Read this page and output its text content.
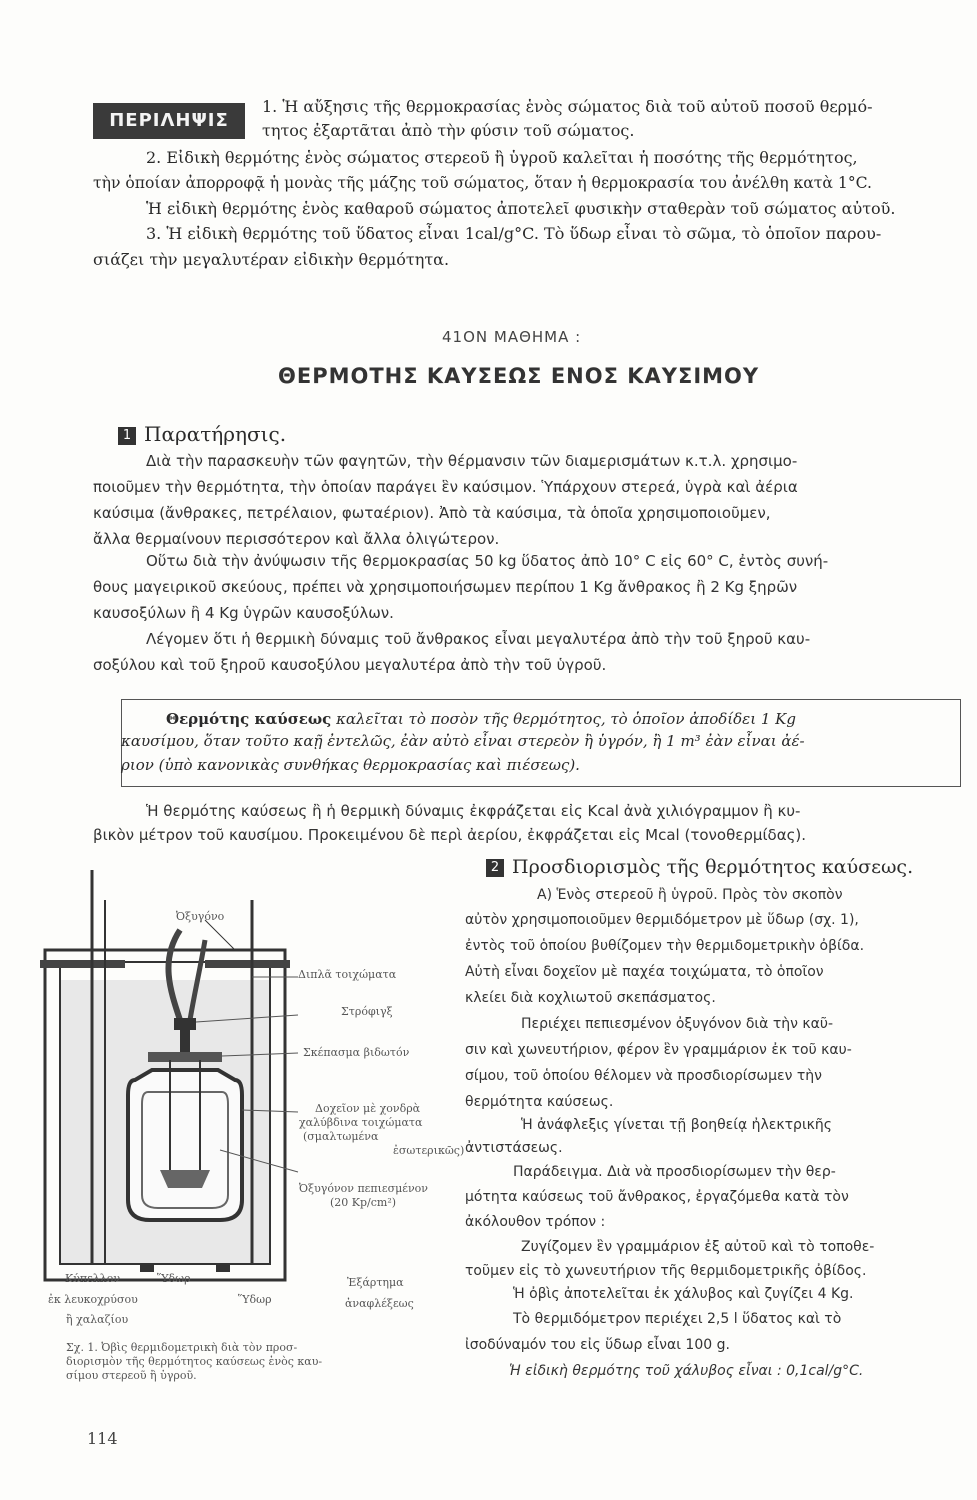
ΠΕΡΙΛΗΨΙΣ
1. Ἡ αὔξησις τῆς θερμοκρασίας ἑνὸς σώματος διὰ τοῦ αὐτοῦ ποσοῦ θερμό-
τητος ἐξαρτᾶται ἀπὸ τὴν φύσιν τοῦ σώματος.
2. Εἰδικὴ θερμότης ἑνὸς σώματος στερεοῦ ἢ ὑγροῦ καλεῖται ἡ ποσότης τῆς θερμότητος,
τὴν ὁποίαν ἀπορροφᾷ ἡ μονὰς τῆς μάζης τοῦ σώματος, ὅταν ἡ θερμοκρασία του ἀνέλθη κατὰ 1°C.
Ἡ εἰδικὴ θερμότης ἑνὸς καθαροῦ σώματος ἀποτελεῖ φυσικὴν σταθερὰν τοῦ σώματος αὐτοῦ.
3. Ἡ εἰδικὴ θερμότης τοῦ ὕδατος εἶναι 1cal/g°C. Τὸ ὕδωρ εἶναι τὸ σῶμα, τὸ ὁποῖον παρου-
σιάζει τὴν μεγαλυτέραν εἰδικὴν θερμότητα.
41ΟΝ ΜΑΘΗΜΑ :
ΘΕΡΜΟΤΗΣ ΚΑΥΣΕΩΣ ΕΝΟΣ ΚΑΥΣΙΜΟΥ
1 Παρατήρησις.
Διὰ τὴν παρασκευὴν τῶν φαγητῶν, τὴν θέρμανσιν τῶν διαμερισμάτων κ.τ.λ. χρησιμο-
ποιοῦμεν τὴν θερμότητα, τὴν ὁποίαν παράγει ἓν καύσιμον. Ὑπάρχουν στερεά, ὑγρὰ καὶ ἀέρια
καύσιμα (ἄνθρακες, πετρέλαιον, φωταέριον). Ἀπὸ τὰ καύσιμα, τὰ ὁποῖα χρησιμοποιοῦμεν,
ἄλλα θερμαίνουν περισσότερον καὶ ἄλλα ὀλιγώτερον.
Οὕτω διὰ τὴν ἀνύψωσιν τῆς θερμοκρασίας 50 kg ὕδατος ἀπὸ 10° C εἰς 60° C, ἐντὸς συνή-
θους μαγειρικοῦ σκεύους, πρέπει νὰ χρησιμοποιήσωμεν περίπου 1 Kg ἄνθρακος ἢ 2 Kg ξηρῶν
καυσοξύλων ἢ 4 Kg ὑγρῶν καυσοξύλων.
Λέγομεν ὅτι ἡ θερμικὴ δύναμις τοῦ ἄνθρακος εἶναι μεγαλυτέρα ἀπὸ τὴν τοῦ ξηροῦ καυ-
σοξύλου καὶ τοῦ ξηροῦ καυσοξύλου μεγαλυτέρα ἀπὸ τὴν τοῦ ὑγροῦ.
Θερμότης καύσεως καλεῖται τὸ ποσὸν τῆς θερμότητος, τὸ ὁποῖον ἀποδίδει 1 Kg
καυσίμου, ὅταν τοῦτο καῇ ἐντελῶς, ἐὰν αὐτὸ εἶναι στερεὸν ἢ ὑγρόν, ἢ 1 m³ ἐὰν εἶναι ἀέ-
ριον (ὑπὸ κανονικὰς συνθήκας θερμοκρασίας καὶ πιέσεως).
Ἡ θερμότης καύσεως ἢ ἡ θερμικὴ δύναμις ἐκφράζεται εἰς Kcal ἀνὰ χιλιόγραμμον ἢ κυ-
βικὸν μέτρον τοῦ καυσίμου. Προκειμένου δὲ περὶ ἀερίου, ἐκφράζεται εἰς Mcal (τονοθερμίδας).
2 Προσδιορισμὸς τῆς θερμότητος καύσεως.
Α) Ἑνὸς στερεοῦ ἢ ὑγροῦ. Πρὸς τὸν σκοπὸν
αὐτὸν χρησιμοποιοῦμεν θερμιδόμετρον μὲ ὕδωρ (σχ. 1),
ἐντὸς τοῦ ὁποίου βυθίζομεν τὴν θερμιδομετρικὴν ὀβίδα.
Αὐτὴ εἶναι δοχεῖον μὲ παχέα τοιχώματα, τὸ ὁποῖον
κλείει διὰ κοχλιωτοῦ σκεπάσματος.
Περιέχει πεπιεσμένον ὀξυγόνον διὰ τὴν καῦ-
σιν καὶ χωνευτήριον, φέρον ἓν γραμμάριον ἐκ τοῦ καυ-
σίμου, τοῦ ὁποίου θέλομεν νὰ προσδιορίσωμεν τὴν
θερμότητα καύσεως.
Ἡ ἀνάφλεξις γίνεται τῇ βοηθείᾳ ἠλεκτρικῆς
ἀντιστάσεως.
Παράδειγμα. Διὰ νὰ προσδιορίσωμεν τὴν θερ-
μότητα καύσεως τοῦ ἄνθρακος, ἐργαζόμεθα κατὰ τὸν
ἀκόλουθον τρόπον :
Ζυγίζομεν ἓν γραμμάριον ἐξ αὐτοῦ καὶ τὸ τοποθε-
τοῦμεν εἰς τὸ χωνευτήριον τῆς θερμιδομετρικῆς ὀβίδος.
Ἡ ὀβὶς ἀποτελεῖται ἐκ χάλυβος καὶ ζυγίζει 4 Kg.
Τὸ θερμιδόμετρον περιέχει 2,5 l ὕδατος καὶ τὸ
ἰσοδύναμόν του εἰς ὕδωρ εἶναι 100 g.
Ἡ εἰδικὴ θερμότης τοῦ χάλυβος εἶναι : 0,1cal/g°C.
Ὀξυγόνο
Διπλᾶ τοιχώματα
Στρόφιγξ
Σκέπασμα βιδωτόν
Δοχεῖον μὲ χονδρὰ
χαλύβδινα τοιχώματα
(σμαλτωμένα
ἐσωτερικῶς)
Ὀξυγόνον πεπιεσμένον
(20 Kp/cm²)
Κύπελλον
ἐκ λευκοχρύσου
ἢ χαλαζίου
Ὕδωρ
Ὕδωρ
Ἐξάρτημα
ἀναφλέξεως
Σχ. 1. Ὀβὶς θερμιδομετρικὴ διὰ τὸν προσ-
διορισμὸν τῆς θερμότητος καύσεως ἑνὸς καυ-
σίμου στερεοῦ ἢ ὑγροῦ.
114
